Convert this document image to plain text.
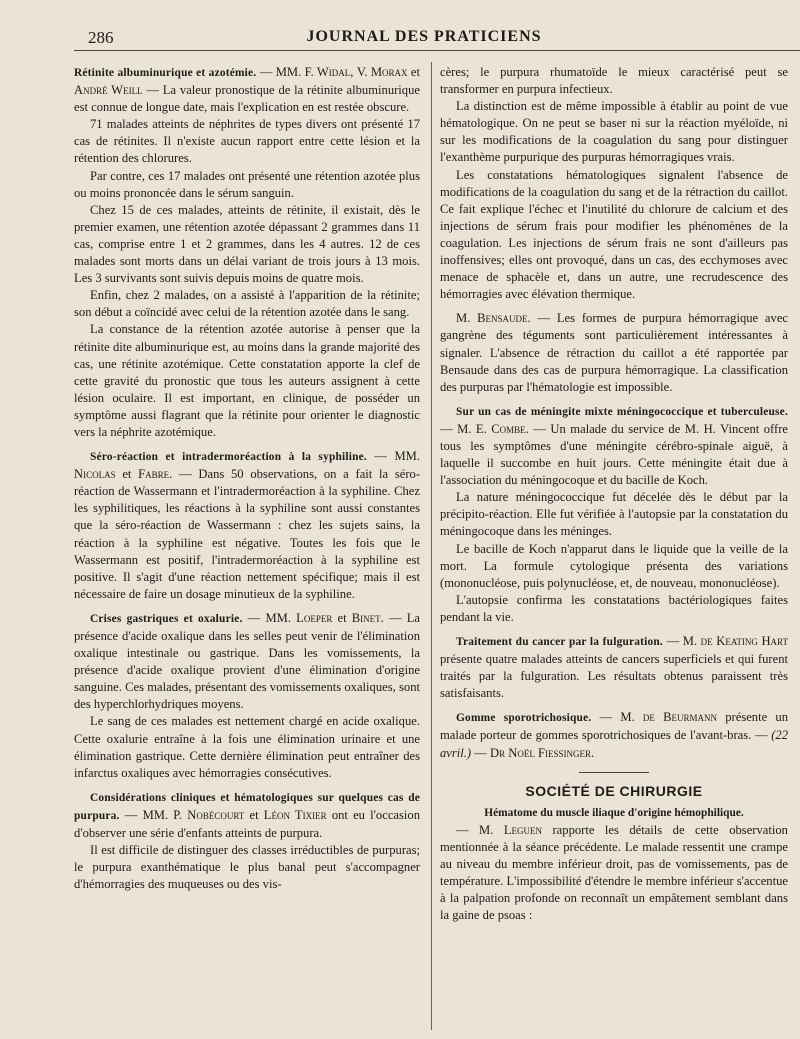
286	JOURNAL DES PRATICIENS

Rétinite albuminurique et azotémie. — MM. F. Widal, V. Morax et André Weill — La valeur pronostique de la rétinite albuminurique est connue de longue date, mais l'explication en est restée obscure.

71 malades atteints de néphrites de types divers ont présenté 17 cas de rétinites. Il n'existe aucun rapport entre cette lésion et la rétention des chlorures.

Par contre, ces 17 malades ont présenté une rétention azotée plus ou moins prononcée dans le sérum sanguin.

Chez 15 de ces malades, atteints de rétinite, il existait, dès le premier examen, une rétention azotée dépassant 2 grammes dans 11 cas, comprise entre 1 et 2 grammes, dans les 4 autres. 12 de ces malades sont morts dans un délai variant de trois jours à 13 mois. Les 3 survivants sont suivis depuis moins de quatre mois.

Enfin, chez 2 malades, on a assisté à l'apparition de la rétinite; son début a coïncidé avec celui de la rétention azotée dans le sang.

La constance de la rétention azotée autorise à penser que la rétinite dite albuminurique est, au moins dans la grande majorité des cas, une rétinite azotémique. Cette constatation apporte la clef de cette gravité du pronostic que tous les auteurs assignent à cette lésion oculaire. Il est important, en clinique, de posséder un symptôme aussi flagrant que la rétinite pour orienter le diagnostic vers la néphrite azotémique.

Séro-réaction et intradermoréaction à la syphiline. — MM. Nicolas et Fabre. — Dans 50 observations, on a fait la séro-réaction de Wassermann et l'intradermoréaction à la syphiline. Chez les syphilitiques, les réactions à la syphiline sont aussi constantes que la séro-réaction de Wassermann : chez les sujets sains, la réaction à la syphiline est négative. Toutes les fois que le Wassermann est positif, l'intradermoréaction à la syphiline est positive. Il s'agit d'une réaction nettement spécifique; mais il est nécessaire de faire un dosage minutieux de la syphiline.

Crises gastriques et oxalurie. — MM. Loeper et Binet. — La présence d'acide oxalique dans les selles peut venir de l'élimination oxalique intestinale ou gastrique. Dans les vomissements, la présence d'acide oxalique provient d'une élimination d'origine sanguine. Ces malades, présentant des vomissements oxaliques, sont des hyperchlorhydriques moyens.

Le sang de ces malades est nettement chargé en acide oxalique. Cette oxalurie entraîne à la fois une élimination urinaire et une élimination gastrique. Cette dernière élimination peut entraîner des infarctus oxaliques avec hémorragies consécutives.

Considérations cliniques et hématologiques sur quelques cas de purpura. — MM. P. Nobécourt et Léon Tixier ont eu l'occasion d'observer une série d'enfants atteints de purpura.

Il est difficile de distinguer des classes irréductibles de purpuras; le purpura exanthématique le plus banal peut s'accompagner d'hémorragies des muqueuses ou des vis-

cères; le purpura rhumatoïde le mieux caractérisé peut se transformer en purpura infectieux.

La distinction est de même impossible à établir au point de vue hématologique. On ne peut se baser ni sur la réaction myéloïde, ni sur les modifications de la coagulation du sang pour distinguer l'exanthème purpurique des purpuras hémorragiques vrais.

Les constatations hématologiques signalent l'absence de modifications de la coagulation du sang et de la rétraction du caillot. Ce fait explique l'échec et l'inutilité du chlorure de calcium et des injections de sérum frais pour modifier les phénomènes de la coagulation. Les injections de sérum frais ne sont d'ailleurs pas inoffensives; elles ont provoqué, dans un cas, des ecchymoses avec menace de sphacèle et, dans un autre, une recrudescence des hémorragies avec élévation thermique.

M. Bensaude. — Les formes de purpura hémorragique avec gangrène des téguments sont particulièrement intéressantes à signaler. L'absence de rétraction du caillot a été rapportée par Bensaude dans des cas de purpura hémorragique. La classification des purpuras par l'hématologie est impossible.

Sur un cas de méningite mixte méningococcique et tuberculeuse. — M. E. Combe. — Un malade du service de M. H. Vincent offre tous les symptômes d'une méningite cérébro-spinale aiguë, à laquelle il succombe en huit jours. Cette méningite était due à l'association du méningocoque et du bacille de Koch.

La nature méningococcique fut décelée dès le début par la précipito-réaction. Elle fut vérifiée à l'autopsie par la constatation du méningocoque dans les méninges.

Le bacille de Koch n'apparut dans le liquide que la veille de la mort. La formule cytologique présenta des variations (mononucléose, puis polynucléose, et, de nouveau, mononucléose).

L'autopsie confirma les constatations bactériologiques faites pendant la vie.

Traitement du cancer par la fulguration. — M. de Keating Hart présente quatre malades atteints de cancers superficiels et qui furent traités par la fulguration. Les résultats obtenus paraissent très satisfaisants.

Gomme sporotrichosique. — M. de Beurmann présente un malade porteur de gommes sporotrichosiques de l'avant-bras. — (22 avril.) — Dr Noël Fiessinger.

SOCIÉTÉ DE CHIRURGIE

Hématome du muscle iliaque d'origine hémophilique.

— M. Leguen rapporte les détails de cette observation mentionnée à la séance précédente. Le malade ressentit une crampe au niveau du membre inférieur droit, pas de vomissements, pas de température. L'impossibilité d'étendre le membre inférieur s'accentue à la palpation profonde on reconnaît un empâtement semblant dans la gaine de psoas :
